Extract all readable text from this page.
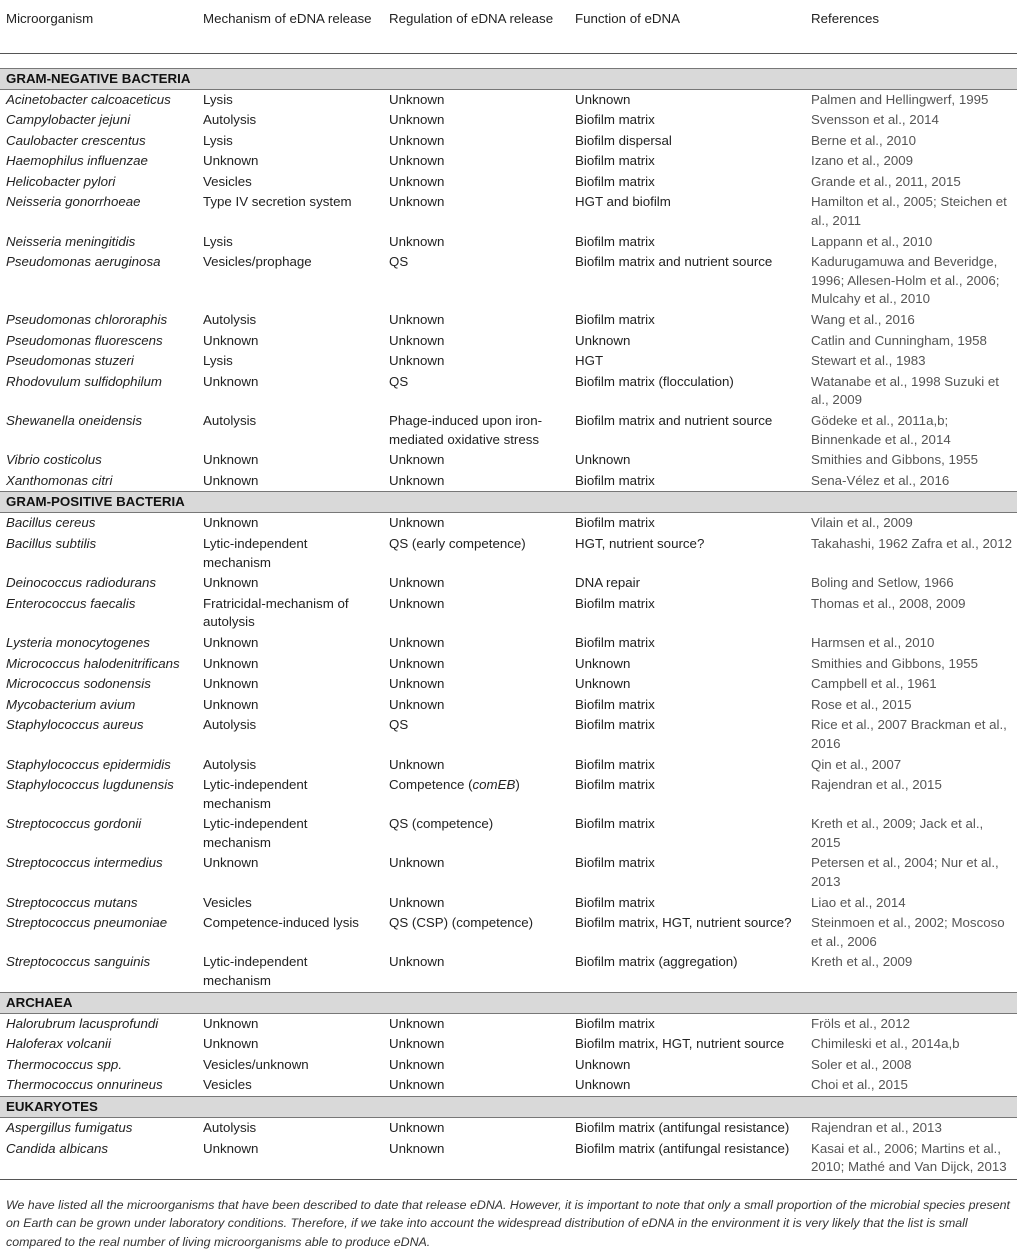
Microorganism	Mechanism of eDNA release	Regulation of eDNA release	Function of eDNA	References

GRAM-NEGATIVE BACTERIA				
Acinetobacter calcoaceticus	Lysis	Unknown	Unknown	Palmen and Hellingwerf, 1995
Campylobacter jejuni	Autolysis	Unknown	Biofilm matrix	Svensson et al., 2014
Caulobacter crescentus	Lysis	Unknown	Biofilm dispersal	Berne et al., 2010
Haemophilus influenzae	Unknown	Unknown	Biofilm matrix	Izano et al., 2009
Helicobacter pylori	Vesicles	Unknown	Biofilm matrix	Grande et al., 2011, 2015
Neisseria gonorrhoeae	Type IV secretion system	Unknown	HGT and biofilm	Hamilton et al., 2005; Steichen et al., 2011
Neisseria meningitidis	Lysis	Unknown	Biofilm matrix	Lappann et al., 2010
Pseudomonas aeruginosa	Vesicles/prophage	QS	Biofilm matrix and nutrient source	Kadurugamuwa and Beveridge, 1996; Allesen-Holm et al., 2006; Mulcahy et al., 2010
Pseudomonas chlororaphis	Autolysis	Unknown	Biofilm matrix	Wang et al., 2016
Pseudomonas fluorescens	Unknown	Unknown	Unknown	Catlin and Cunningham, 1958
Pseudomonas stuzeri	Lysis	Unknown	HGT	Stewart et al., 1983
Rhodovulum sulfidophilum	Unknown	QS	Biofilm matrix (flocculation)	Watanabe et al., 1998 Suzuki et al., 2009
Shewanella oneidensis	Autolysis	Phage-induced upon iron-mediated oxidative stress	Biofilm matrix and nutrient source	Gödeke et al., 2011a,b; Binnenkade et al., 2014
Vibrio costicolus	Unknown	Unknown	Unknown	Smithies and Gibbons, 1955
Xanthomonas citri	Unknown	Unknown	Biofilm matrix	Sena-Vélez et al., 2016
GRAM-POSITIVE BACTERIA				
Bacillus cereus	Unknown	Unknown	Biofilm matrix	Vilain et al., 2009
Bacillus subtilis	Lytic-independent mechanism	QS (early competence)	HGT, nutrient source?	Takahashi, 1962 Zafra et al., 2012
Deinococcus radiodurans	Unknown	Unknown	DNA repair	Boling and Setlow, 1966
Enterococcus faecalis	Fratricidal-mechanism of autolysis	Unknown	Biofilm matrix	Thomas et al., 2008, 2009
Lysteria monocytogenes	Unknown	Unknown	Biofilm matrix	Harmsen et al., 2010
Micrococcus halodenitrificans	Unknown	Unknown	Unknown	Smithies and Gibbons, 1955
Micrococcus sodonensis	Unknown	Unknown	Unknown	Campbell et al., 1961
Mycobacterium avium	Unknown	Unknown	Biofilm matrix	Rose et al., 2015
Staphylococcus aureus	Autolysis	QS	Biofilm matrix	Rice et al., 2007 Brackman et al., 2016
Staphylococcus epidermidis	Autolysis	Unknown	Biofilm matrix	Qin et al., 2007
Staphylococcus lugdunensis	Lytic-independent mechanism	Competence (comEB)	Biofilm matrix	Rajendran et al., 2015
Streptococcus gordonii	Lytic-independent mechanism	QS (competence)	Biofilm matrix	Kreth et al., 2009; Jack et al., 2015
Streptococcus intermedius	Unknown	Unknown	Biofilm matrix	Petersen et al., 2004; Nur et al., 2013
Streptococcus mutans	Vesicles	Unknown	Biofilm matrix	Liao et al., 2014
Streptococcus pneumoniae	Competence-induced lysis	QS (CSP) (competence)	Biofilm matrix, HGT, nutrient source?	Steinmoen et al., 2002; Moscoso et al., 2006
Streptococcus sanguinis	Lytic-independent mechanism	Unknown	Biofilm matrix (aggregation)	Kreth et al., 2009
ARCHAEA				
Halorubrum lacusprofundi	Unknown	Unknown	Biofilm matrix	Fröls et al., 2012
Haloferax volcanii	Unknown	Unknown	Biofilm matrix, HGT, nutrient source	Chimileski et al., 2014a,b
Thermococcus spp.	Vesicles/unknown	Unknown	Unknown	Soler et al., 2008
Thermococcus onnurineus	Vesicles	Unknown	Unknown	Choi et al., 2015
EUKARYOTES				
Aspergillus fumigatus	Autolysis	Unknown	Biofilm matrix (antifungal resistance)	Rajendran et al., 2013
Candida albicans	Unknown	Unknown	Biofilm matrix (antifungal resistance)	Kasai et al., 2006; Martins et al., 2010; Mathé and Van Dijck, 2013
We have listed all the microorganisms that have been described to date that release eDNA. However, it is important to note that only a small proportion of the microbial species present on Earth can be grown under laboratory conditions. Therefore, if we take into account the widespread distribution of eDNA in the environment it is very likely that the list is small compared to the real number of living microorganisms able to produce eDNA.
